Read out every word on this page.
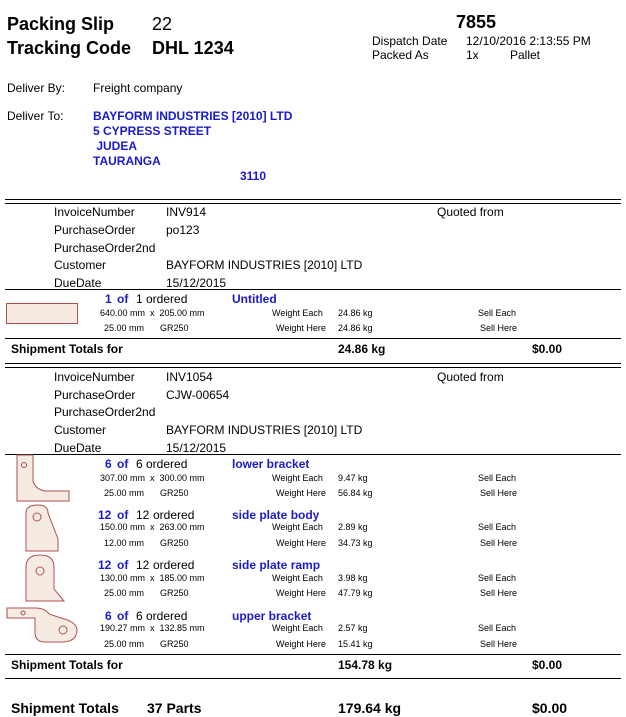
Packing Slip 22
Tracking Code DHL 1234
7855
Dispatch Date 12/10/2016 2:13:55 PM
Packed As	1x	Pallet
Deliver By: Freight company
Deliver To: BAYFORM INDUSTRIES [2010] LTD
5 CYPRESS STREET
JUDEA
TAURANGA
3110
InvoiceNumber	INV914	Quoted from
PurchaseOrder	po123
PurchaseOrder2nd
Customer	BAYFORM INDUSTRIES [2010] LTD
DueDate	15/12/2015
1 of 1 ordered	Untitled
640.00 mm  x  205.00 mm
25.00 mm GR250
Weight Each 24.86 kg
Weight Here 24.86 kg
Sell Each
Sell Here
Shipment Totals for	24.86 kg	$0.00
InvoiceNumber	INV1054	Quoted from
PurchaseOrder	CJW-00654
PurchaseOrder2nd
Customer	BAYFORM INDUSTRIES [2010] LTD
DueDate	15/12/2015
6 of 6 ordered	lower bracket
307.00 mm  x  300.00 mm
25.00 mm GR250
Weight Each 9.47 kg
Weight Here 56.84 kg
Sell Each
Sell Here
12 of 12 ordered	side plate body
150.00 mm  x  263.00 mm
12.00 mm GR250
Weight Each 2.89 kg
Weight Here 34.73 kg
Sell Each
Sell Here
12 of 12 ordered	side plate ramp
130.00 mm  x  185.00 mm
25.00 mm GR250
Weight Each 3.98 kg
Weight Here 47.79 kg
Sell Each
Sell Here
6 of 6 ordered	upper bracket
190.27 mm  x  132.85 mm
25.00 mm GR250
Weight Each 2.57 kg
Weight Here 15.41 kg
Sell Each
Sell Here
Shipment Totals for	154.78 kg	$0.00
Shipment Totals 37 Parts	179.64 kg	$0.00
